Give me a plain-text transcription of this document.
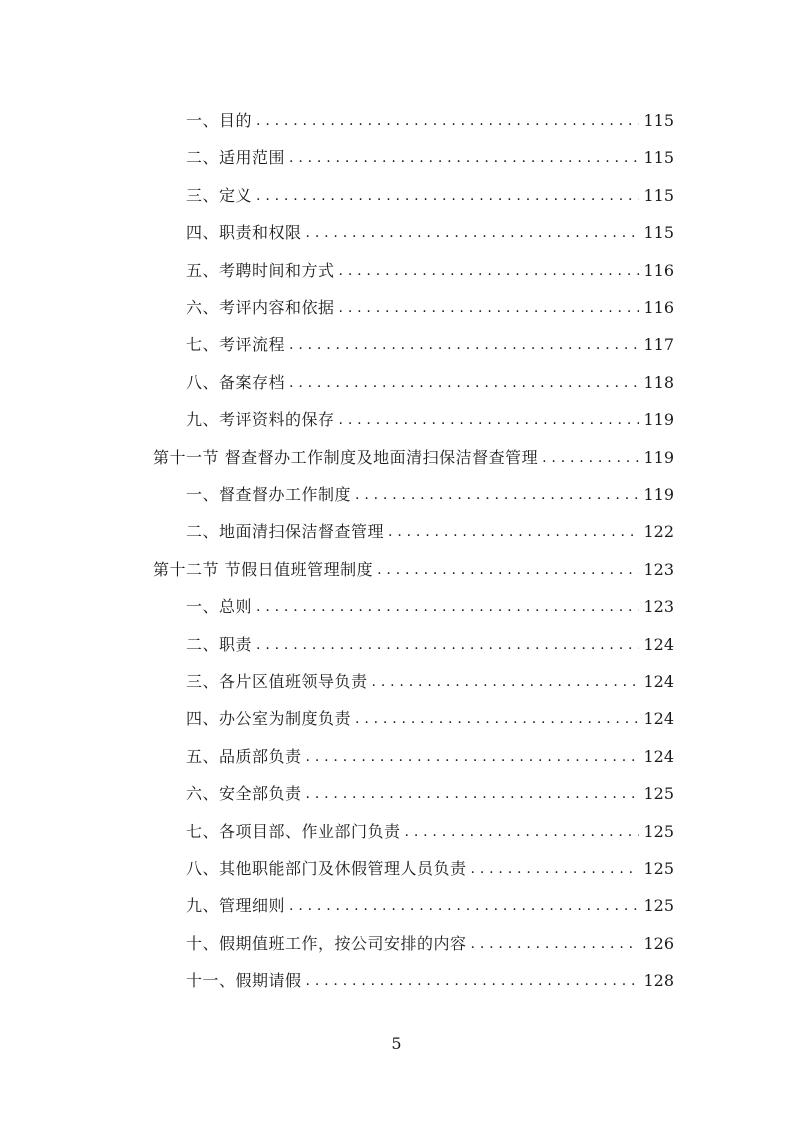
一、目的 . . .	115
二、适用范围 . . .	115
三、定义 . . .	115
四、职责和权限 . . .	115
五、考聘时间和方式 . . .	116
六、考评内容和依据 . . .	116
七、考评流程 . . .	117
八、备案存档 . . .	118
九、考评资料的保存 . . .	119
第十一节 督查督办工作制度及地面清扫保洁督查管理 . . .	119
一、督查督办工作制度 . . .	119
二、地面清扫保洁督查管理 . . .	122
第十二节 节假日值班管理制度 . . .	123
一、总则 . . .	123
二、职责 . . .	124
三、各片区值班领导负责 . . .	124
四、办公室为制度负责 . . .	124
五、品质部负责 . . .	124
六、安全部负责 . . .	125
七、各项目部、作业部门负责 . . .	125
八、其他职能部门及休假管理人员负责 . . .	125
九、管理细则 . . .	125
十、假期值班工作，按公司安排的内容 . . .	126
十一、假期请假 . . .	128
5
